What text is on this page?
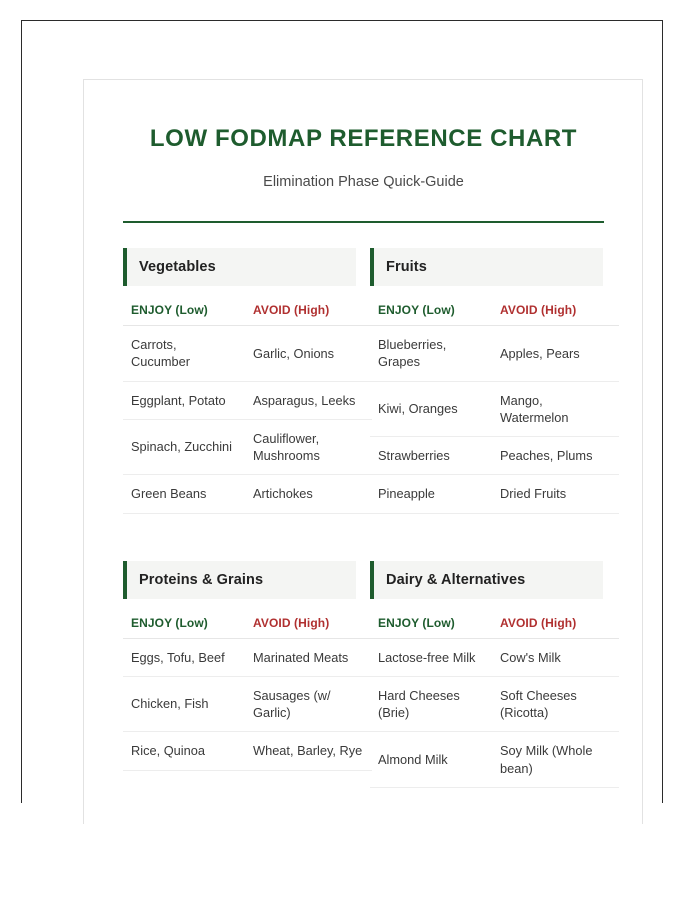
LOW FODMAP REFERENCE CHART
Elimination Phase Quick-Guide
Vegetables
ENJOY (Low)	AVOID (High)
Carrots, Cucumber	Garlic, Onions
Eggplant, Potato	Asparagus, Leeks
Spinach, Zucchini	Cauliflower, Mushrooms
Green Beans	Artichokes
Fruits
ENJOY (Low)	AVOID (High)
Blueberries, Grapes	Apples, Pears
Kiwi, Oranges	Mango, Watermelon
Strawberries	Peaches, Plums
Pineapple	Dried Fruits
Proteins & Grains
ENJOY (Low)	AVOID (High)
Eggs, Tofu, Beef	Marinated Meats
Chicken, Fish	Sausages (w/ Garlic)
Rice, Quinoa	Wheat, Barley, Rye
Dairy & Alternatives
ENJOY (Low)	AVOID (High)
Lactose-free Milk	Cow's Milk
Hard Cheeses (Brie)	Soft Cheeses (Ricotta)
Almond Milk	Soy Milk (Whole bean)
